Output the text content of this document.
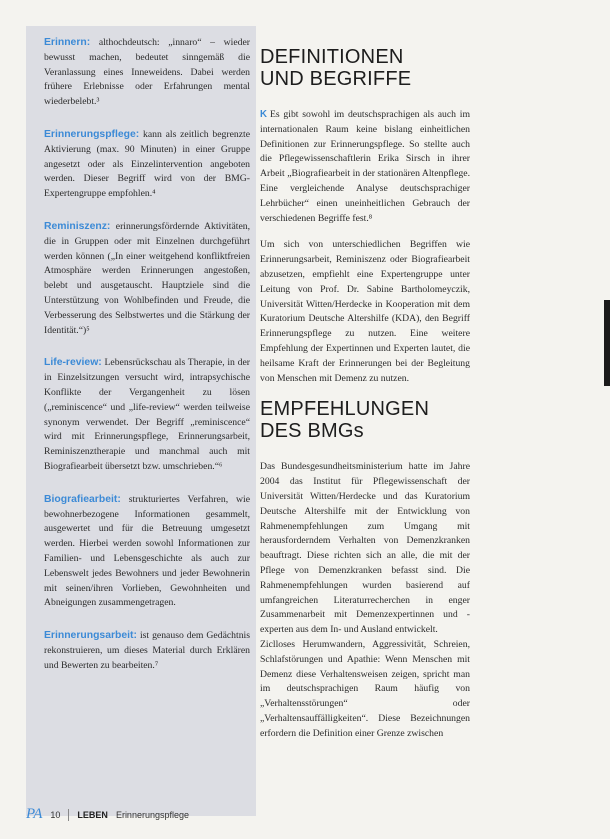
Erinnern: althochdeutsch: „innaro“ – wieder bewusst machen, bedeutet sinngemäß die Veranlassung eines Inneweidens. Dabei werden frühere Erlebnisse oder Erfahrungen mental wiederbelebt.³

Erinnerungspflege: kann als zeitlich begrenzte Aktivierung (max. 90 Minuten) in einer Gruppe angesetzt oder als Einzelintervention angeboten werden. Dieser Begriff wird von der BMG-Expertengruppe empfohlen.⁴

Reminiszenz: erinnerungsfördernde Aktivitäten, die in Gruppen oder mit Einzelnen durchgeführt werden können („In einer weitgehend konfliktfreien Atmosphäre werden Erinnerungen angestoßen, belebt und ausgetauscht. Hauptziele sind die Unterstützung von Wohlbefinden und Freude, die Verbesserung des Selbstwertes und die Stärkung der Identität.“)⁵

Life-review: Lebensrückschau als Therapie, in der in Einzelsitzungen versucht wird, intrapsychische Konflikte der Vergangenheit zu lösen („reminiscence“ und „life-review“ werden teilweise synonym verwendet. Der Begriff „reminiscence“ wird mit Erinnerungspflege, Erinnerungsarbeit, Reminiszenztherapie und manchmal auch mit Biografiearbeit übersetzt bzw. umschrieben.“⁶

Biografiearbeit: strukturiertes Verfahren, wie bewohnerbezogene Informationen gesammelt, ausgewertet und für die Betreuung umgesetzt werden. Hierbei werden sowohl Informationen zur Familien- und Lebensgeschichte als auch zur Lebenswelt jedes Bewohners und jeder Bewohnerin mit seinen/ihren Vorlieben, Gewohnheiten und Abneigungen zusammengetragen.

Erinnerungsarbeit: ist genauso dem Gedächtnis rekonstruieren, um dieses Material durch Erklären und Bewerten zu bearbeiten.⁷

DEFINITIONEN
UND BEGRIFFE

K Es gibt sowohl im deutschsprachigen als auch im internationalen Raum keine bislang einheitlichen Definitionen zur Erinnerungspflege. So stellte auch die Pflegewissenschaftlerin Erika Sirsch in ihrer Arbeit „Biografiearbeit in der stationären Altenpflege. Eine vergleichende Analyse deutschsprachiger Lehrbücher“ einen uneinheitlichen Gebrauch der verschiedenen Begriffe fest.⁸

Um sich von unterschiedlichen Begriffen wie Erinnerungsarbeit, Reminiszenz oder Biografiearbeit abzusetzen, empfiehlt eine Expertengruppe unter Leitung von Prof. Dr. Sabine Bartholomeyczik, Universität Witten/Herdecke in Kooperation mit dem Kuratorium Deutsche Altershilfe (KDA), den Begriff Erinnerungspflege zu nutzen. Eine weitere Empfehlung der Expertinnen und Experten lautet, die heilsame Kraft der Erinnerungen bei der Begleitung von Menschen mit Demenz zu nutzen.

EMPFEHLUNGEN
DES BMGs

Das Bundesgesundheitsministerium hatte im Jahre 2004 das Institut für Pflegewissenschaft der Universität Witten/Herdecke und das Kuratorium Deutsche Altershilfe mit der Entwicklung von Rahmenempfehlungen zum Umgang mit herausforderndem Verhalten von Demenzkranken beauftragt. Diese richten sich an alle, die mit der Pflege von Demenzkranken befasst sind. Die Rahmenempfehlungen wurden basierend auf umfangreichen Literaturrecherchen in enger Zusammenarbeit mit Demenzexpertinnen und -experten aus dem In- und Ausland entwickelt.

Ziclloses Herumwandern, Aggressivität, Schreien, Schlafstörungen und Apathie: Wenn Menschen mit Demenz diese Verhaltensweisen zeigen, spricht man im deutschsprachigen Raum häufig von „Verhaltensstörungen“ oder „Verhaltensauffälligkeiten“. Diese Bezeichnungen erfordern die Definition einer Grenze zwischen

PA 10 LEBEN Erinnerungspflege
